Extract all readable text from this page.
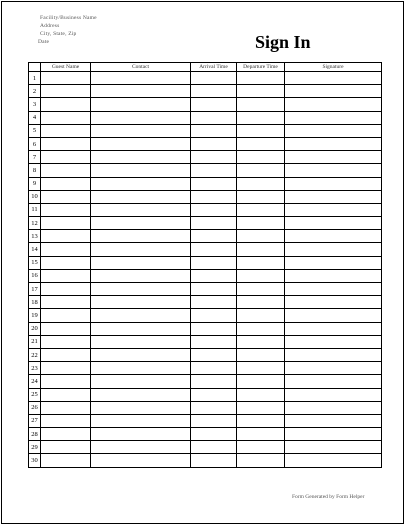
Facility/Business Name
Address
City, State, Zip
Date	Sign In
	Guest Name	Contact	Arrival Time	Departure Time	Signature
1					
2					
3					
4					
5					
6					
7					
8					
9					
10					
11					
12					
13					
14					
15					
16					
17					
18					
19					
20					
21					
22					
23					
24					
25					
26					
27					
28					
29					
30					
Form Generated by Form Helper
